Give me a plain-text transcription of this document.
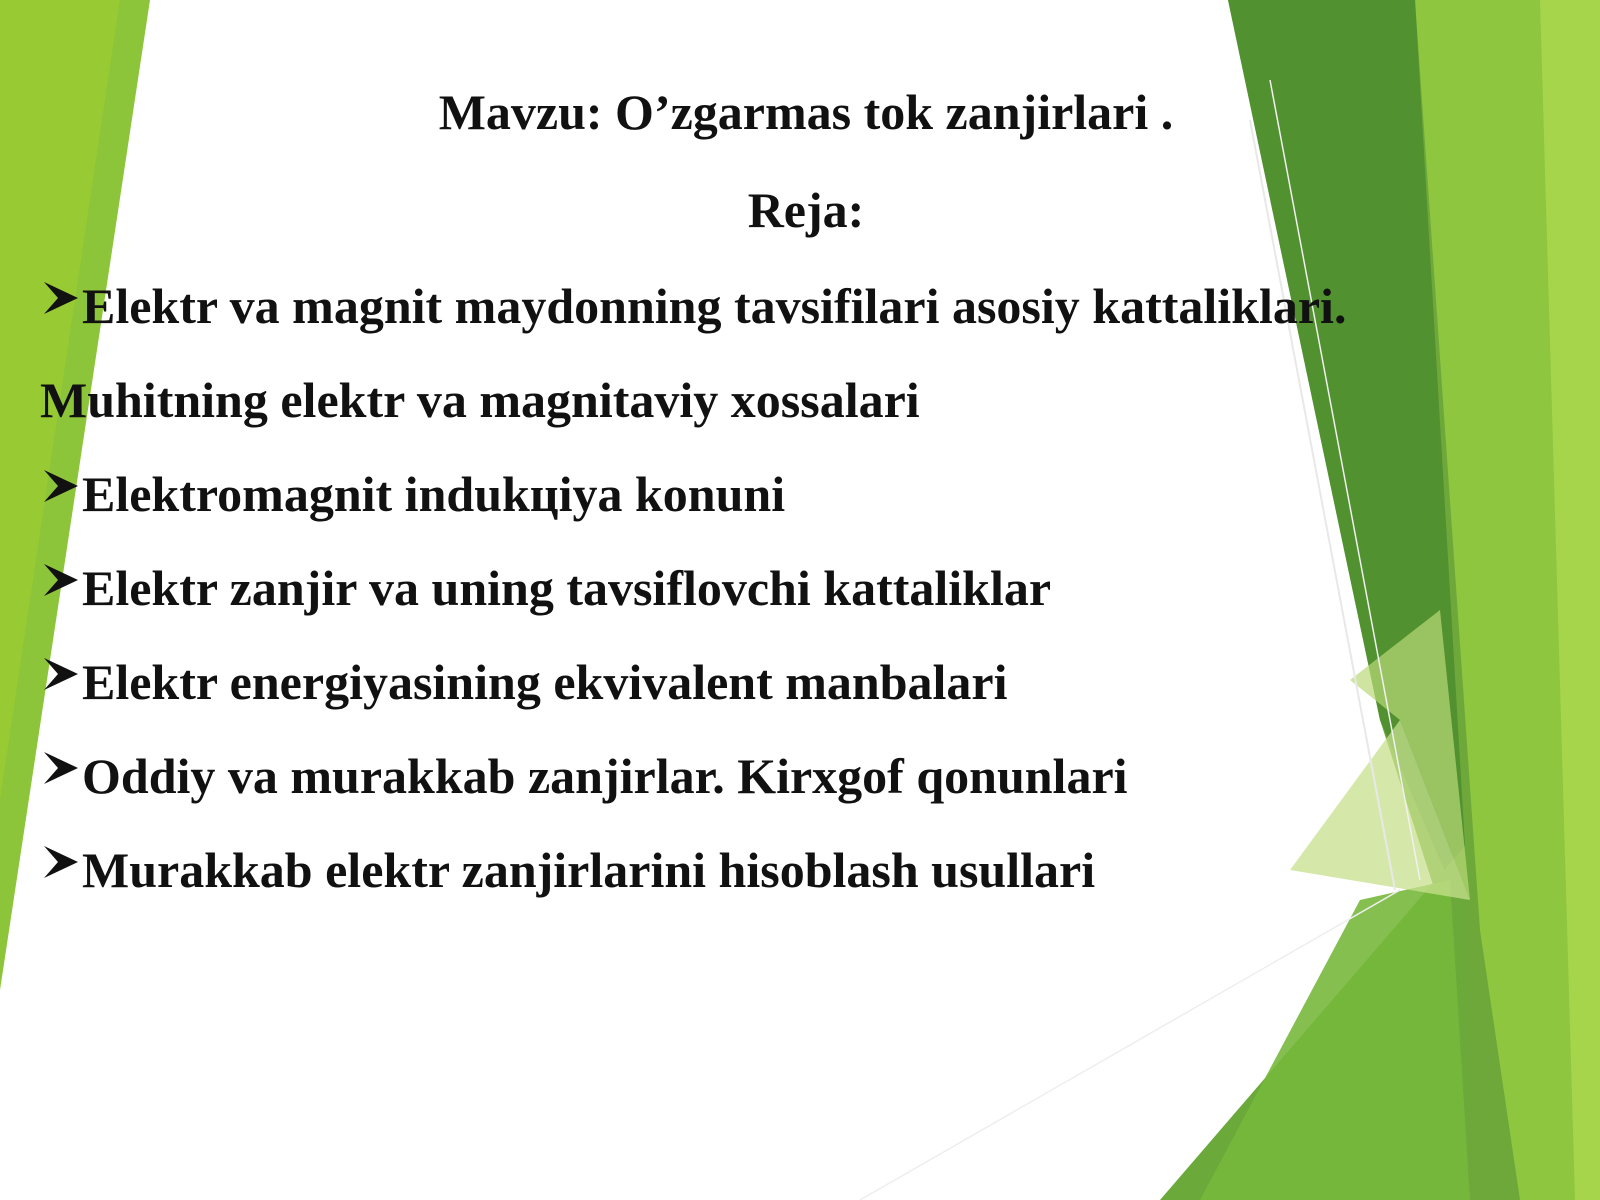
Mavzu: O’zgarmas tok zanjirlari .
Reja:
Elektr va magnit maydonning tavsifilari asosiy kattaliklari.
Muhitning elektr va magnitaviy xossalari
Elektromagnit indukцiya konuni
Elektr zanjir va uning tavsiflovchi kattaliklar
Elektr energiyasining ekvivalent manbalari
Oddiy va murakkab zanjirlar. Kirxgof qonunlari
Murakkab elektr zanjirlarini hisoblash usullari
